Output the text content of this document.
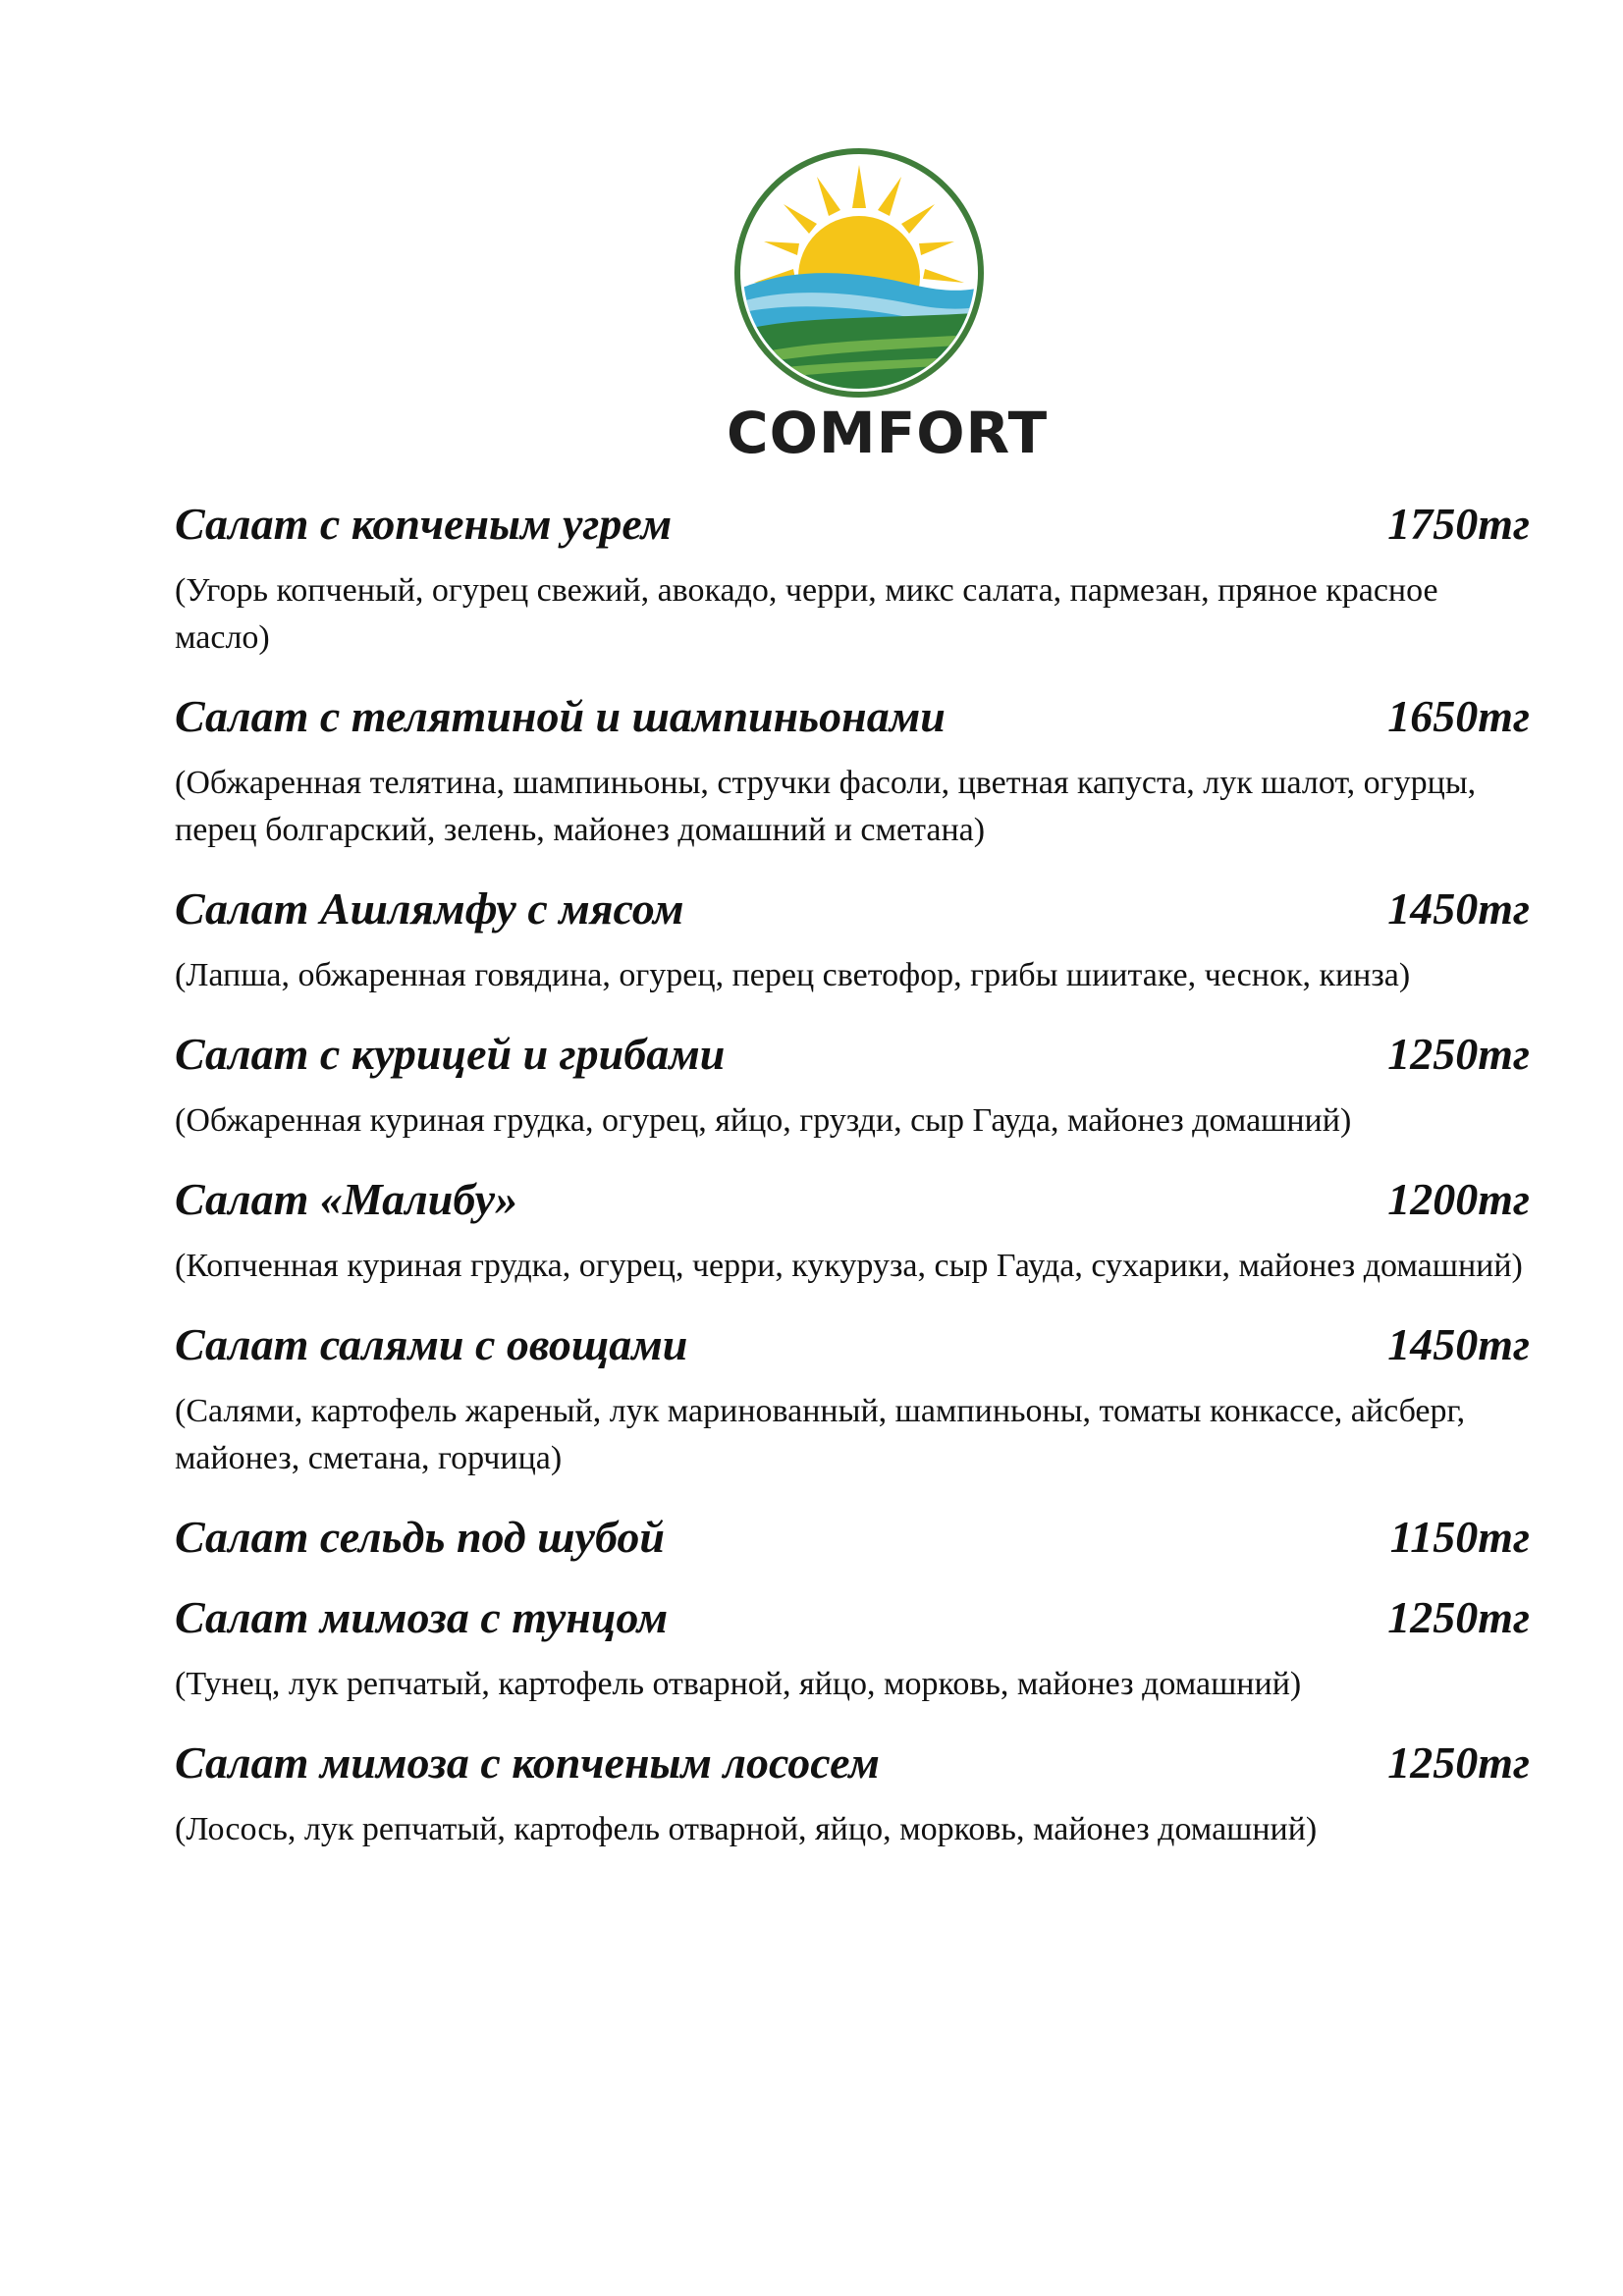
COMFORT
Салат с копченым угрем	1750тг
(Угорь копченый, огурец свежий, авокадо, черри, микс салата, пармезан, пряное красное масло)
Салат с телятиной и шампиньонами	1650тг
(Обжаренная телятина, шампиньоны, стручки фасоли, цветная капуста, лук шалот, огурцы, перец болгарский, зелень, майонез домашний и сметана)
Салат Ашлямфу с мясом	1450тг
(Лапша, обжаренная говядина, огурец, перец светофор, грибы шиитаке, чеснок, кинза)
Салат с курицей и грибами	1250тг
(Обжаренная куриная грудка, огурец, яйцо, грузди, сыр Гауда, майонез домашний)
Салат «Малибу»	1200тг
(Копченная куриная грудка, огурец, черри, кукуруза, сыр Гауда, сухарики, майонез домашний)
Салат салями с овощами	1450тг
(Салями, картофель жареный, лук маринованный, шампиньоны, томаты конкассе, айсберг, майонез, сметана, горчица)
Салат сельдь под шубой	1150тг
Салат мимоза с тунцом	1250тг
(Тунец, лук репчатый, картофель отварной, яйцо, морковь, майонез домашний)
Салат мимоза с копченым лососем	1250тг
(Лосось, лук репчатый, картофель отварной, яйцо, морковь, майонез домашний)
